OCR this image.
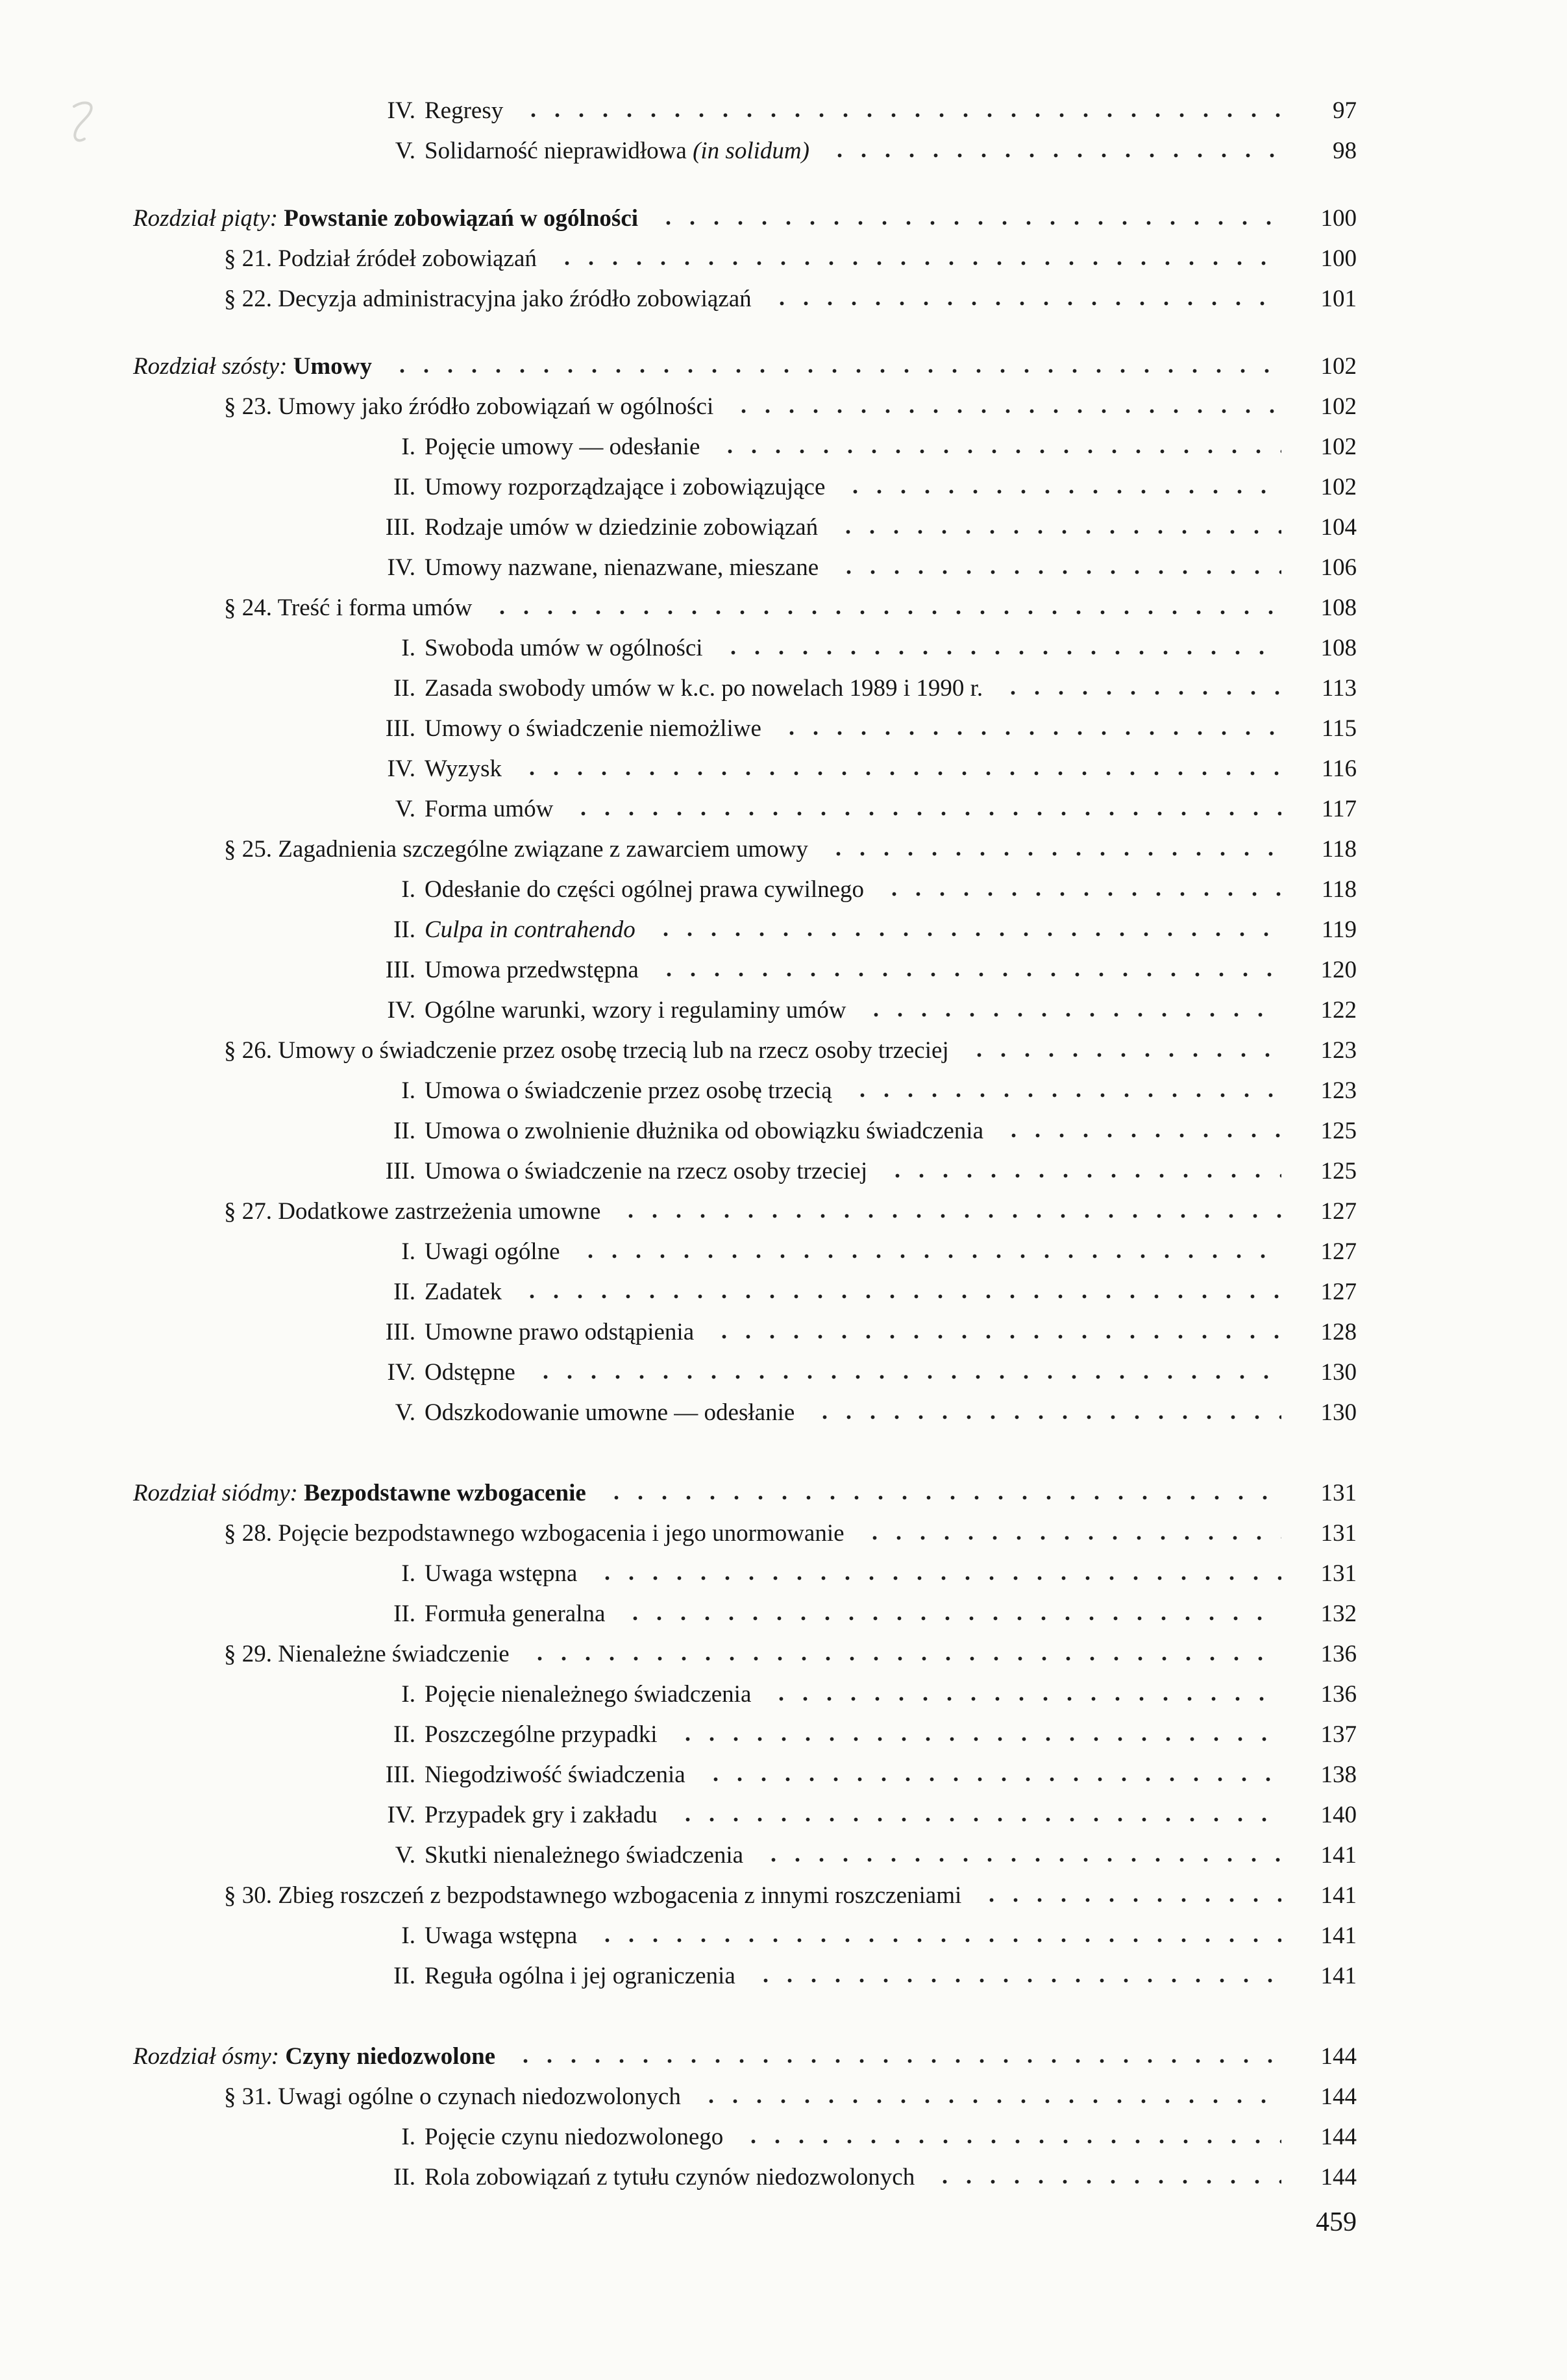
IV. Regresy	97
V. Solidarność nieprawidłowa (in solidum)	98
Rozdział piąty: Powstanie zobowiązań w ogólności	100
§ 21. Podział źródeł zobowiązań	100
§ 22. Decyzja administracyjna jako źródło zobowiązań	101
Rozdział szósty: Umowy	102
§ 23. Umowy jako źródło zobowiązań w ogólności	102
I. Pojęcie umowy — odesłanie	102
II. Umowy rozporządzające i zobowiązujące	102
III. Rodzaje umów w dziedzinie zobowiązań	104
IV. Umowy nazwane, nienazwane, mieszane	106
§ 24. Treść i forma umów	108
I. Swoboda umów w ogólności	108
II. Zasada swobody umów w k.c. po nowelach 1989 i 1990 r.	113
III. Umowy o świadczenie niemożliwe	115
IV. Wyzysk	116
V. Forma umów	117
§ 25. Zagadnienia szczególne związane z zawarciem umowy	118
I. Odesłanie do części ogólnej prawa cywilnego	118
II. Culpa in contrahendo	119
III. Umowa przedwstępna	120
IV. Ogólne warunki, wzory i regulaminy umów	122
§ 26. Umowy o świadczenie przez osobę trzecią lub na rzecz osoby trzeciej	123
I. Umowa o świadczenie przez osobę trzecią	123
II. Umowa o zwolnienie dłużnika od obowiązku świadczenia	125
III. Umowa o świadczenie na rzecz osoby trzeciej	125
§ 27. Dodatkowe zastrzeżenia umowne	127
I. Uwagi ogólne	127
II. Zadatek	127
III. Umowne prawo odstąpienia	128
IV. Odstępne	130
V. Odszkodowanie umowne — odesłanie	130
Rozdział siódmy: Bezpodstawne wzbogacenie	131
§ 28. Pojęcie bezpodstawnego wzbogacenia i jego unormowanie	131
I. Uwaga wstępna	131
II. Formuła generalna	132
§ 29. Nienależne świadczenie	136
I. Pojęcie nienależnego świadczenia	136
II. Poszczególne przypadki	137
III. Niegodziwość świadczenia	138
IV. Przypadek gry i zakładu	140
V. Skutki nienależnego świadczenia	141
§ 30. Zbieg roszczeń z bezpodstawnego wzbogacenia z innymi roszczeniami	141
I. Uwaga wstępna	141
II. Reguła ogólna i jej ograniczenia	141
Rozdział ósmy: Czyny niedozwolone	144
§ 31. Uwagi ogólne o czynach niedozwolonych	144
I. Pojęcie czynu niedozwolonego	144
II. Rola zobowiązań z tytułu czynów niedozwolonych	144
459
